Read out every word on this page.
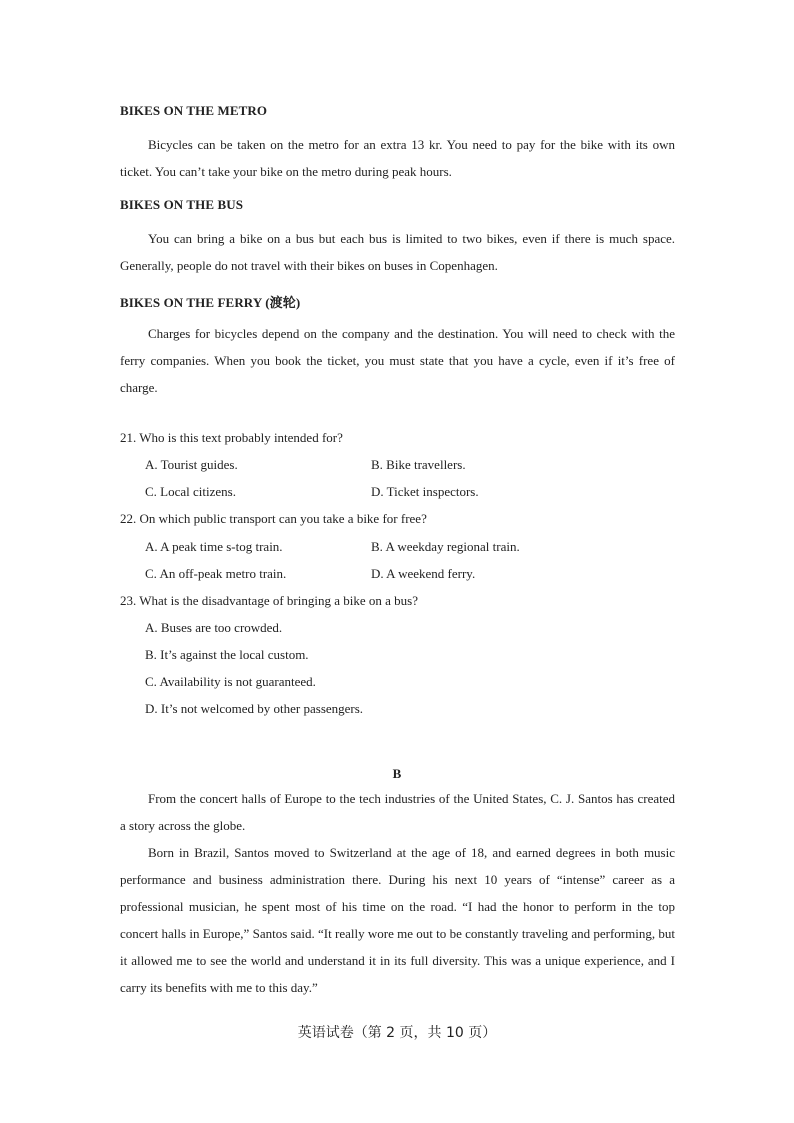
BIKES ON THE METRO
Bicycles can be taken on the metro for an extra 13 kr. You need to pay for the bike with its own ticket. You can’t take your bike on the metro during peak hours.
BIKES ON THE BUS
You can bring a bike on a bus but each bus is limited to two bikes, even if there is much space. Generally, people do not travel with their bikes on buses in Copenhagen.
BIKES ON THE FERRY (渡轮)
Charges for bicycles depend on the company and the destination. You will need to check with the ferry companies. When you book the ticket, you must state that you have a cycle, even if it’s free of charge.
21. Who is this text probably intended for?
A. Tourist guides.	B. Bike travellers.
C. Local citizens.	D. Ticket inspectors.
22. On which public transport can you take a bike for free?
A. A peak time s-tog train.	B. A weekday regional train.
C. An off-peak metro train.	D. A weekend ferry.
23. What is the disadvantage of bringing a bike on a bus?
A. Buses are too crowded.
B. It’s against the local custom.
C. Availability is not guaranteed.
D. It’s not welcomed by other passengers.
B
From the concert halls of Europe to the tech industries of the United States, C. J. Santos has created a story across the globe.
Born in Brazil, Santos moved to Switzerland at the age of 18, and earned degrees in both music performance and business administration there. During his next 10 years of “intense” career as a professional musician, he spent most of his time on the road. “I had the honor to perform in the top concert halls in Europe,” Santos said. “It really wore me out to be constantly traveling and performing, but it allowed me to see the world and understand it in its full diversity. This was a unique experience, and I carry its benefits with me to this day.”
英语试卷（第 2 页，共 10 页）
